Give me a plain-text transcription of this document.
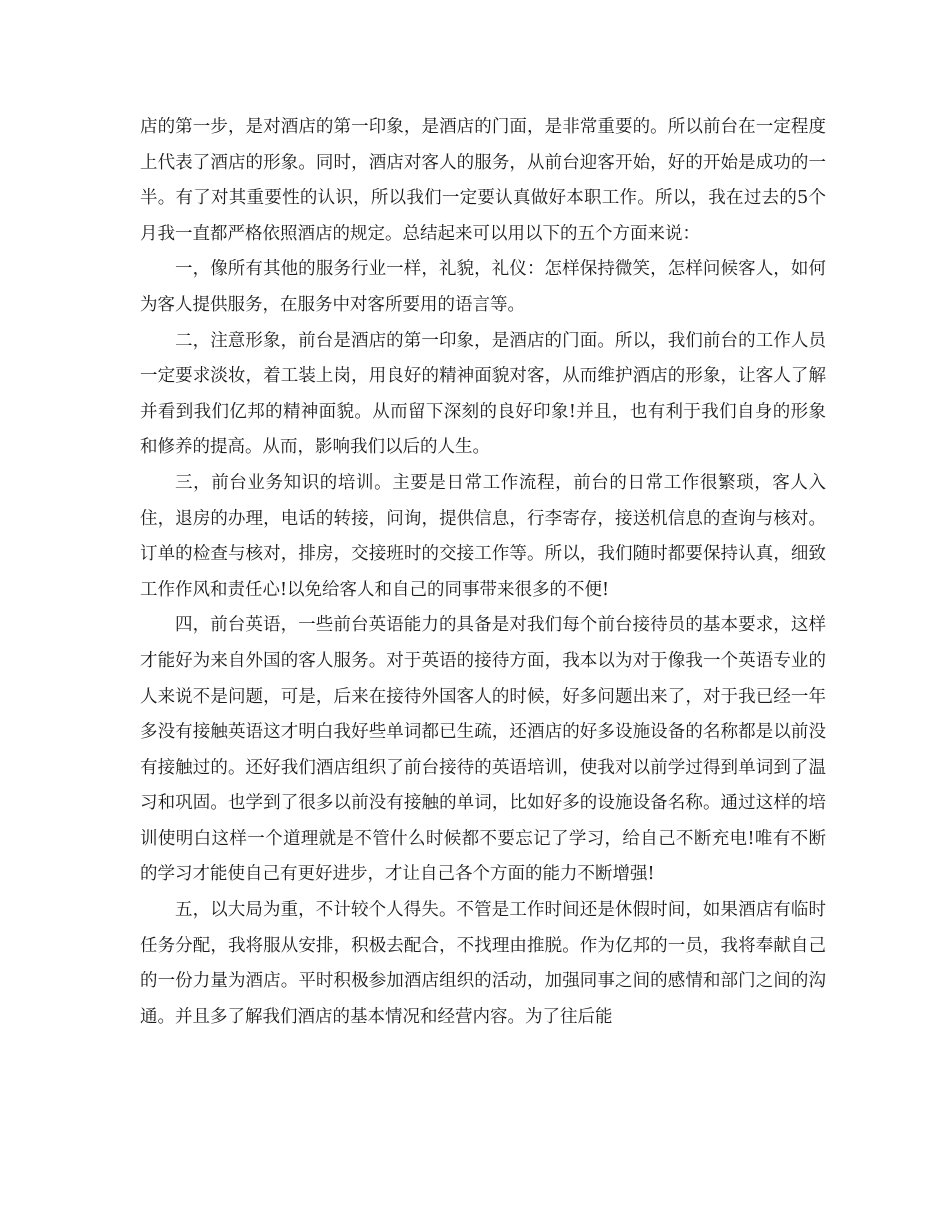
店的第一步，是对酒店的第一印象，是酒店的门面，是非常重要的。所以前台在一定程度上代表了酒店的形象。同时，酒店对客人的服务，从前台迎客开始，好的开始是成功的一半。有了对其重要性的认识，所以我们一定要认真做好本职工作。所以，我在过去的5个月我一直都严格依照酒店的规定。总结起来可以用以下的五个方面来说：

一，像所有其他的服务行业一样，礼貌，礼仪：怎样保持微笑，怎样问候客人，如何为客人提供服务，在服务中对客所要用的语言等。

二，注意形象，前台是酒店的第一印象，是酒店的门面。所以，我们前台的工作人员一定要求淡妆，着工装上岗，用良好的精神面貌对客，从而维护酒店的形象，让客人了解并看到我们亿邦的精神面貌。从而留下深刻的良好印象!并且，也有利于我们自身的形象和修养的提高。从而，影响我们以后的人生。

三，前台业务知识的培训。主要是日常工作流程，前台的日常工作很繁琐，客人入住，退房的办理，电话的转接，问询，提供信息，行李寄存，接送机信息的查询与核对。订单的检查与核对，排房，交接班时的交接工作等。所以，我们随时都要保持认真，细致工作作风和责任心!以免给客人和自己的同事带来很多的不便!

四，前台英语，一些前台英语能力的具备是对我们每个前台接待员的基本要求，这样才能好为来自外国的客人服务。对于英语的接待方面，我本以为对于像我一个英语专业的人来说不是问题，可是，后来在接待外国客人的时候，好多问题出来了，对于我已经一年多没有接触英语这才明白我好些单词都已生疏，还酒店的好多设施设备的名称都是以前没有接触过的。还好我们酒店组织了前台接待的英语培训，使我对以前学过得到单词到了温习和巩固。也学到了很多以前没有接触的单词，比如好多的设施设备名称。通过这样的培训使明白这样一个道理就是不管什么时候都不要忘记了学习，给自己不断充电!唯有不断的学习才能使自己有更好进步，才让自己各个方面的能力不断增强!

五，以大局为重，不计较个人得失。不管是工作时间还是休假时间，如果酒店有临时任务分配，我将服从安排，积极去配合，不找理由推脱。作为亿邦的一员，我将奉献自己的一份力量为酒店。平时积极参加酒店组织的活动，加强同事之间的感情和部门之间的沟通。并且多了解我们酒店的基本情况和经营内容。为了往后能
